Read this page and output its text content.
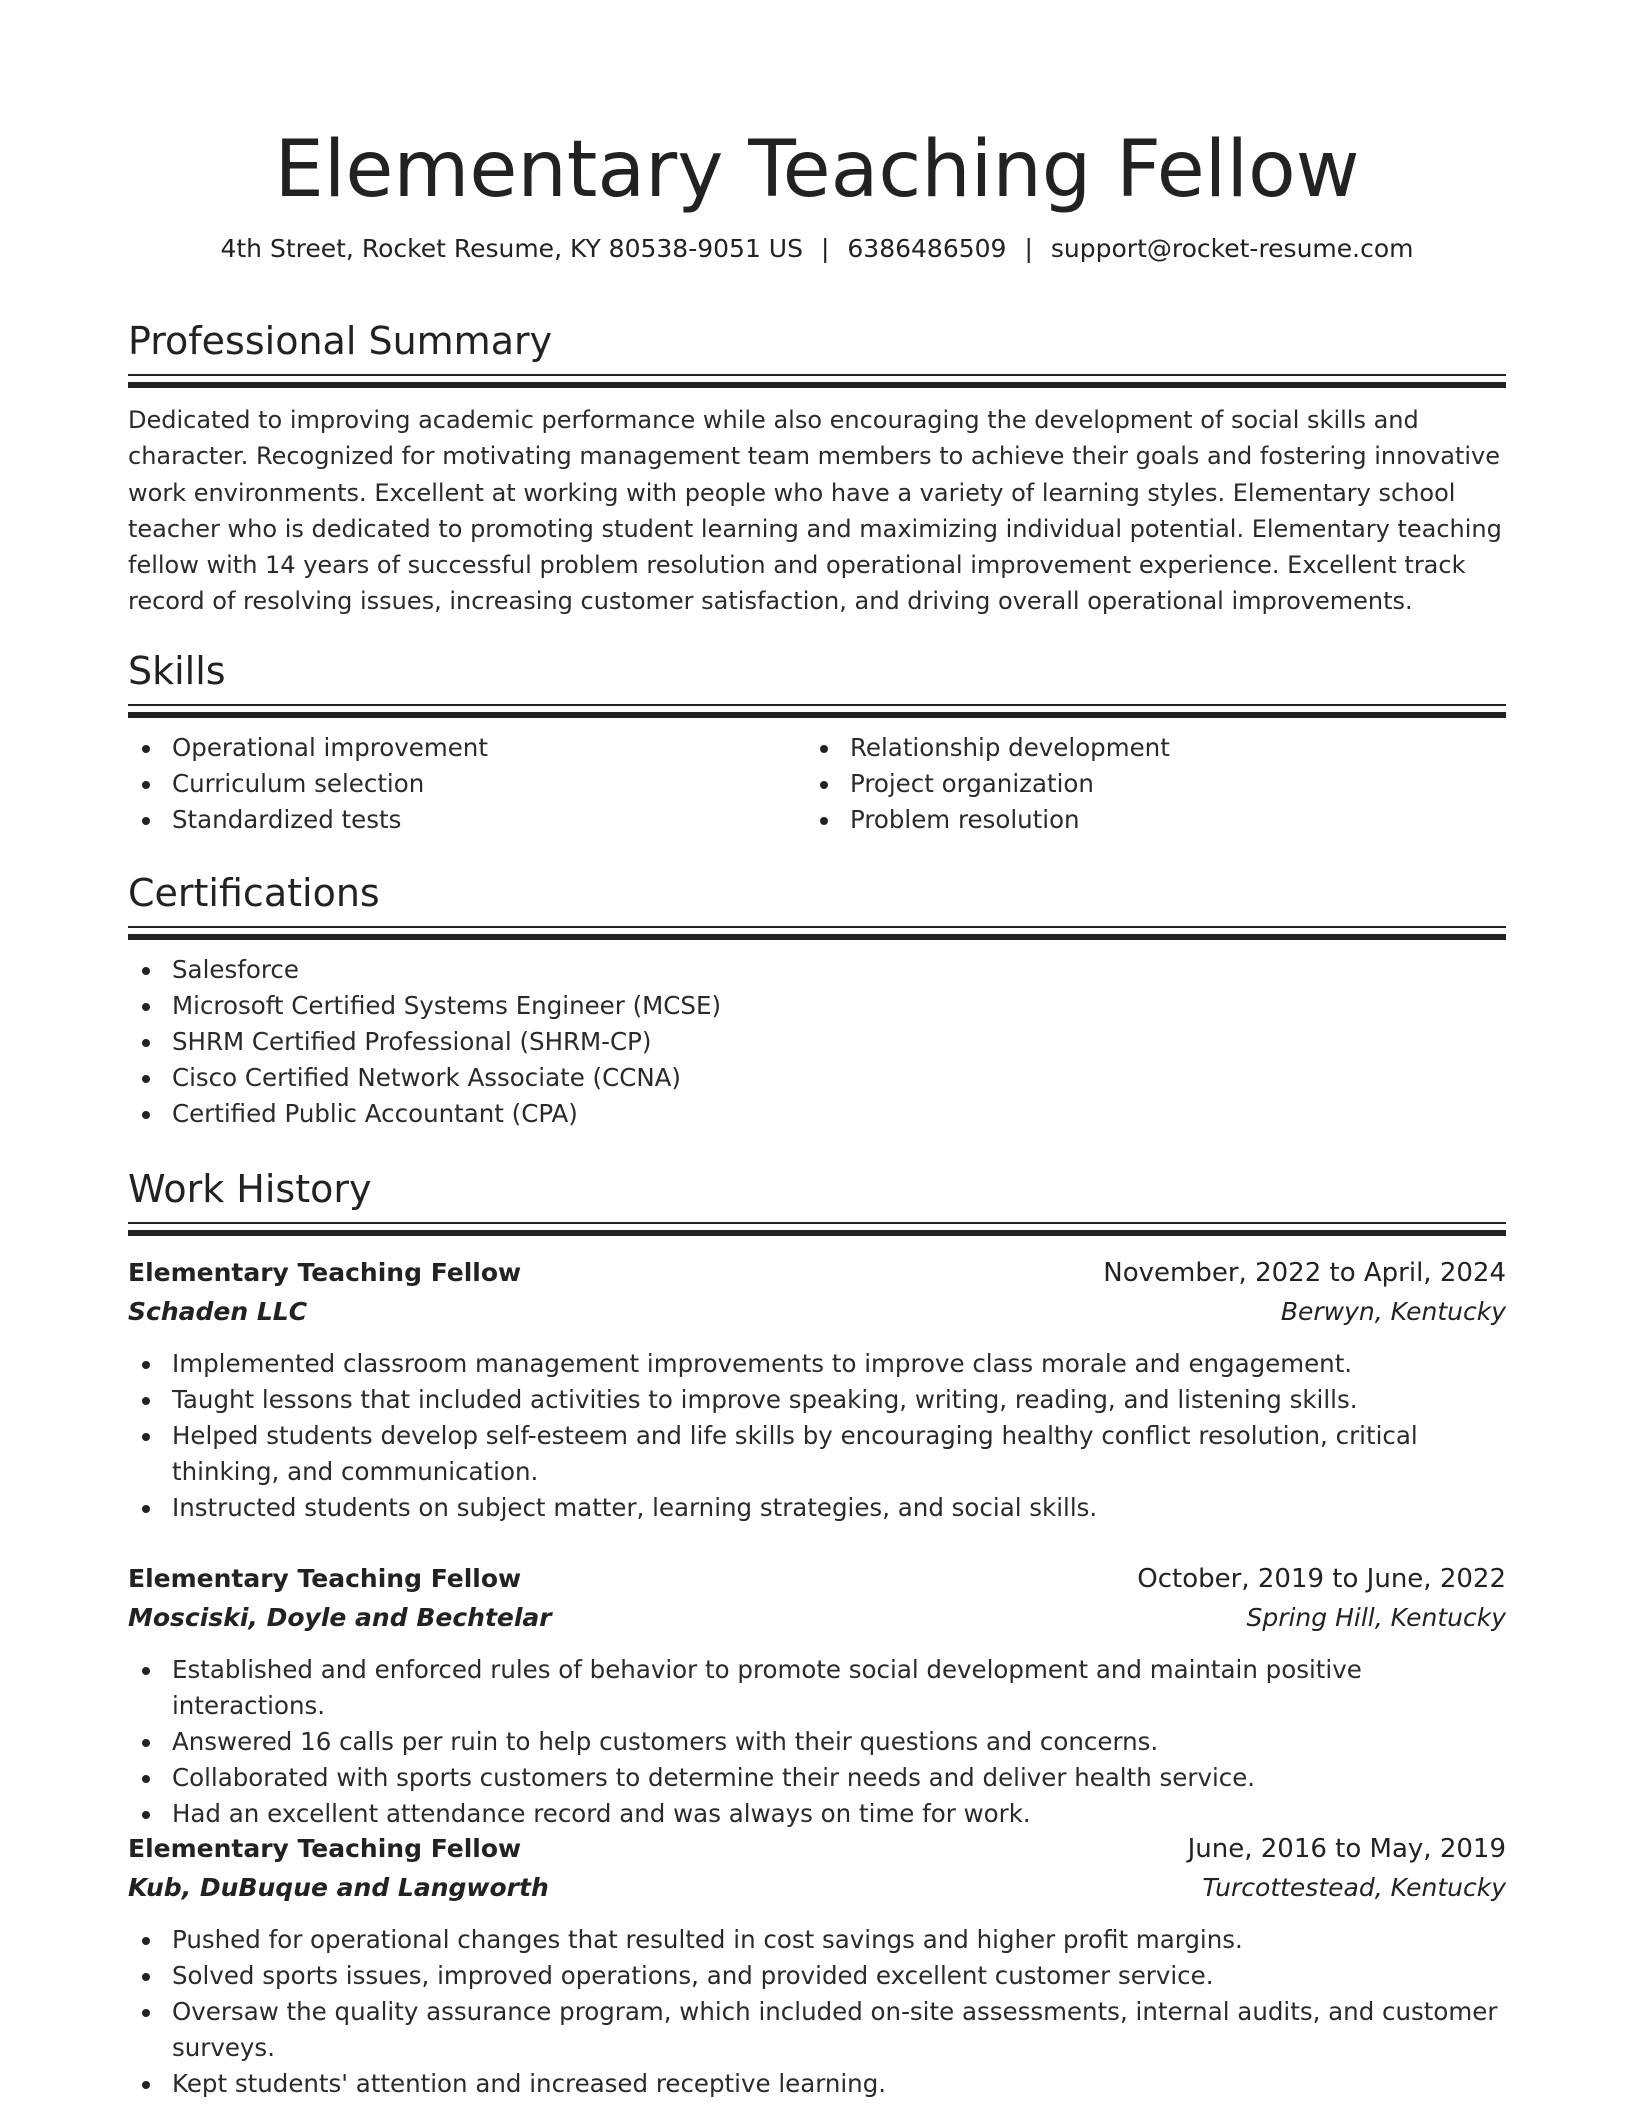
Elementary Teaching Fellow
4th Street, Rocket Resume, KY 80538-9051 US | 6386486509 | support@rocket-resume.com
Professional Summary
Dedicated to improving academic performance while also encouraging the development of social skills and character. Recognized for motivating management team members to achieve their goals and fostering innovative work environments. Excellent at working with people who have a variety of learning styles. Elementary school teacher who is dedicated to promoting student learning and maximizing individual potential. Elementary teaching fellow with 14 years of successful problem resolution and operational improvement experience. Excellent track record of resolving issues, increasing customer satisfaction, and driving overall operational improvements.
Skills
Operational improvement
Curriculum selection
Standardized tests
Relationship development
Project organization
Problem resolution
Certifications
Salesforce
Microsoft Certified Systems Engineer (MCSE)
SHRM Certified Professional (SHRM-CP)
Cisco Certified Network Associate (CCNA)
Certified Public Accountant (CPA)
Work History
Elementary Teaching Fellow	November, 2022 to April, 2024
Schaden LLC	Berwyn, Kentucky
Implemented classroom management improvements to improve class morale and engagement.
Taught lessons that included activities to improve speaking, writing, reading, and listening skills.
Helped students develop self-esteem and life skills by encouraging healthy conflict resolution, critical thinking, and communication.
Instructed students on subject matter, learning strategies, and social skills.
Elementary Teaching Fellow	October, 2019 to June, 2022
Mosciski, Doyle and Bechtelar	Spring Hill, Kentucky
Established and enforced rules of behavior to promote social development and maintain positive interactions.
Answered 16 calls per ruin to help customers with their questions and concerns.
Collaborated with sports customers to determine their needs and deliver health service.
Had an excellent attendance record and was always on time for work.
Elementary Teaching Fellow	June, 2016 to May, 2019
Kub, DuBuque and Langworth	Turcottestead, Kentucky
Pushed for operational changes that resulted in cost savings and higher profit margins.
Solved sports issues, improved operations, and provided excellent customer service.
Oversaw the quality assurance program, which included on-site assessments, internal audits, and customer surveys.
Kept students' attention and increased receptive learning.
